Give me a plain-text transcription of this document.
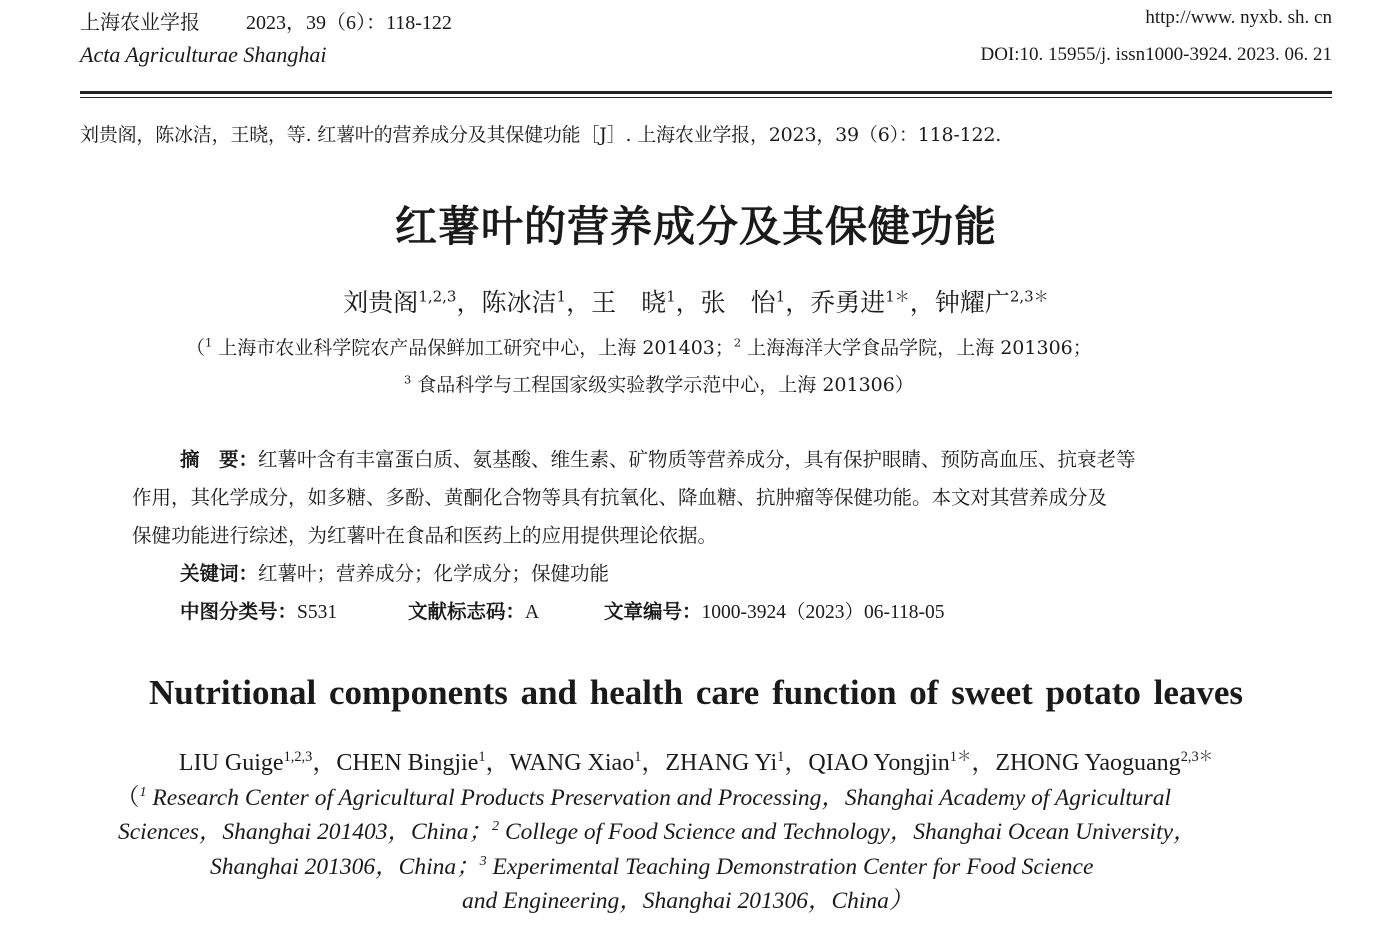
上海农业学报 2023，39（6）：118-122	http://www. nyxb. sh. cn
Acta Agriculturae Shanghai	DOI:10. 15955/j. issn1000-3924. 2023. 06. 21
刘贵阁，陈冰洁，王晓，等. 红薯叶的营养成分及其保健功能［J］. 上海农业学报，2023，39（6）：118-122.
红薯叶的营养成分及其保健功能
刘贵阁$^{1,2,3}$，陈冰洁$^1$，王　晓$^1$，张　怡$^1$，乔勇进$^{1*}$，钟耀广$^{2,3*}$
（$^1$ 上海市农业科学院农产品保鲜加工研究中心，上海 201403；$^2$ 上海海洋大学食品学院，上海 201306；
$^3$ 食品科学与工程国家级实验教学示范中心，上海 201306）
摘　要：红薯叶含有丰富蛋白质、氨基酸、维生素、矿物质等营养成分，具有保护眼睛、预防高血压、抗衰老等
作用，其化学成分，如多糖、多酚、黄酮化合物等具有抗氧化、降血糖、抗肿瘤等保健功能。本文对其营养成分及
保健功能进行综述，为红薯叶在食品和医药上的应用提供理论依据。
关键词：红薯叶；营养成分；化学成分；保健功能
中图分类号：S531	文献标志码：A	文章编号：1000-3924（2023）06-118-05
Nutritional components and health care function of sweet potato leaves
LIU Guige$^{1,2,3}$，CHEN Bingjie$^1$，WANG Xiao$^1$，ZHANG Yi$^1$，QIAO Yongjin$^{1*}$，ZHONG Yaoguang$^{2,3*}$
（$^1$ Research Center of Agricultural Products Preservation and Processing，Shanghai Academy of Agricultural
Sciences，Shanghai 201403，China；$^2$ College of Food Science and Technology，Shanghai Ocean University，
Shanghai 201306，China；$^3$ Experimental Teaching Demonstration Center for Food Science
and Engineering，Shanghai 201306，China）
